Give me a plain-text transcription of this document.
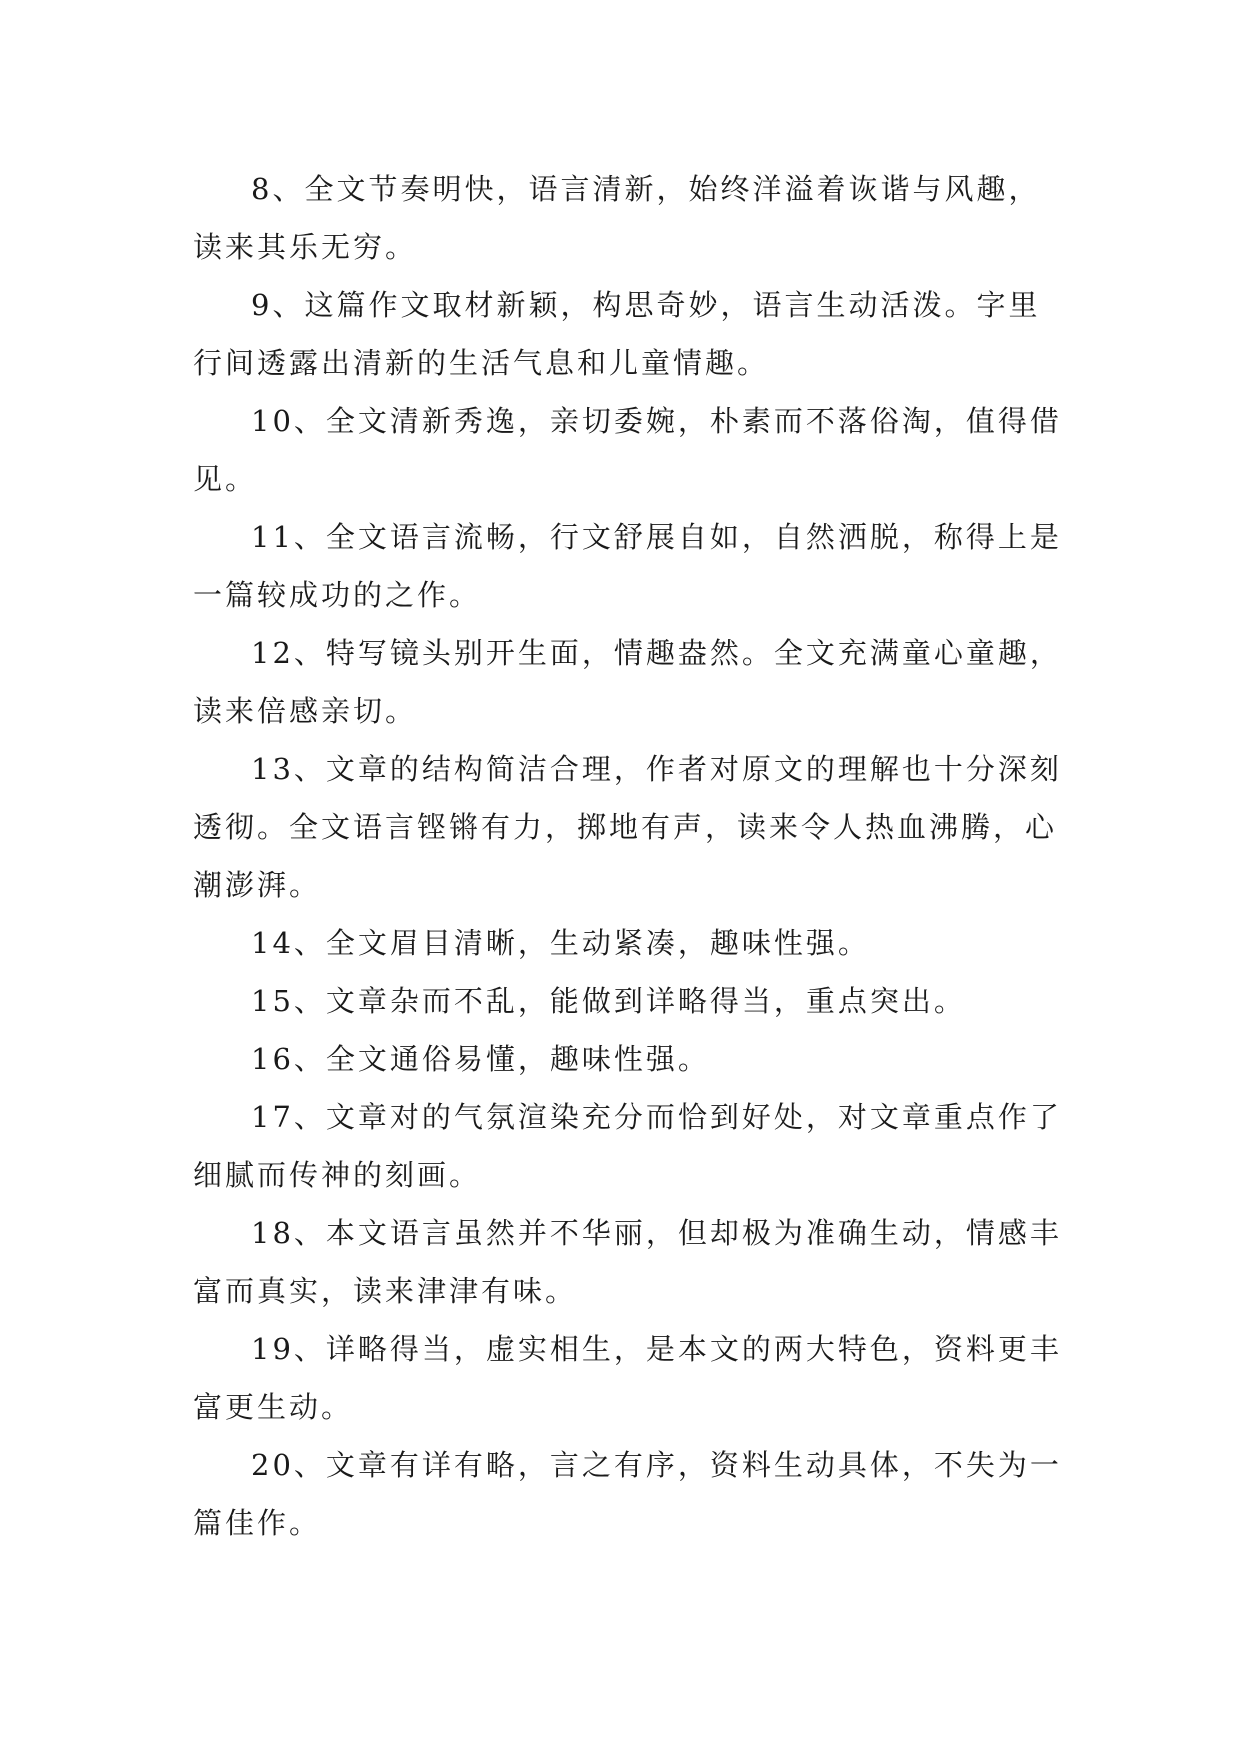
8、全文节奏明快，语言清新，始终洋溢着诙谐与风趣，读来其乐无穷。

9、这篇作文取材新颖，构思奇妙，语言生动活泼。字里行间透露出清新的生活气息和儿童情趣。

10、全文清新秀逸，亲切委婉，朴素而不落俗淘，值得借见。

11、全文语言流畅，行文舒展自如，自然洒脱，称得上是一篇较成功的之作。

12、特写镜头别开生面，情趣盎然。全文充满童心童趣，读来倍感亲切。

13、文章的结构简洁合理，作者对原文的理解也十分深刻透彻。全文语言铿锵有力，掷地有声，读来令人热血沸腾，心潮澎湃。

14、全文眉目清晰，生动紧凑，趣味性强。

15、文章杂而不乱，能做到详略得当，重点突出。

16、全文通俗易懂，趣味性强。

17、文章对的气氛渲染充分而恰到好处，对文章重点作了细腻而传神的刻画。

18、本文语言虽然并不华丽，但却极为准确生动，情感丰富而真实，读来津津有味。

19、详略得当，虚实相生，是本文的两大特色，资料更丰富更生动。

20、文章有详有略，言之有序，资料生动具体，不失为一篇佳作。
